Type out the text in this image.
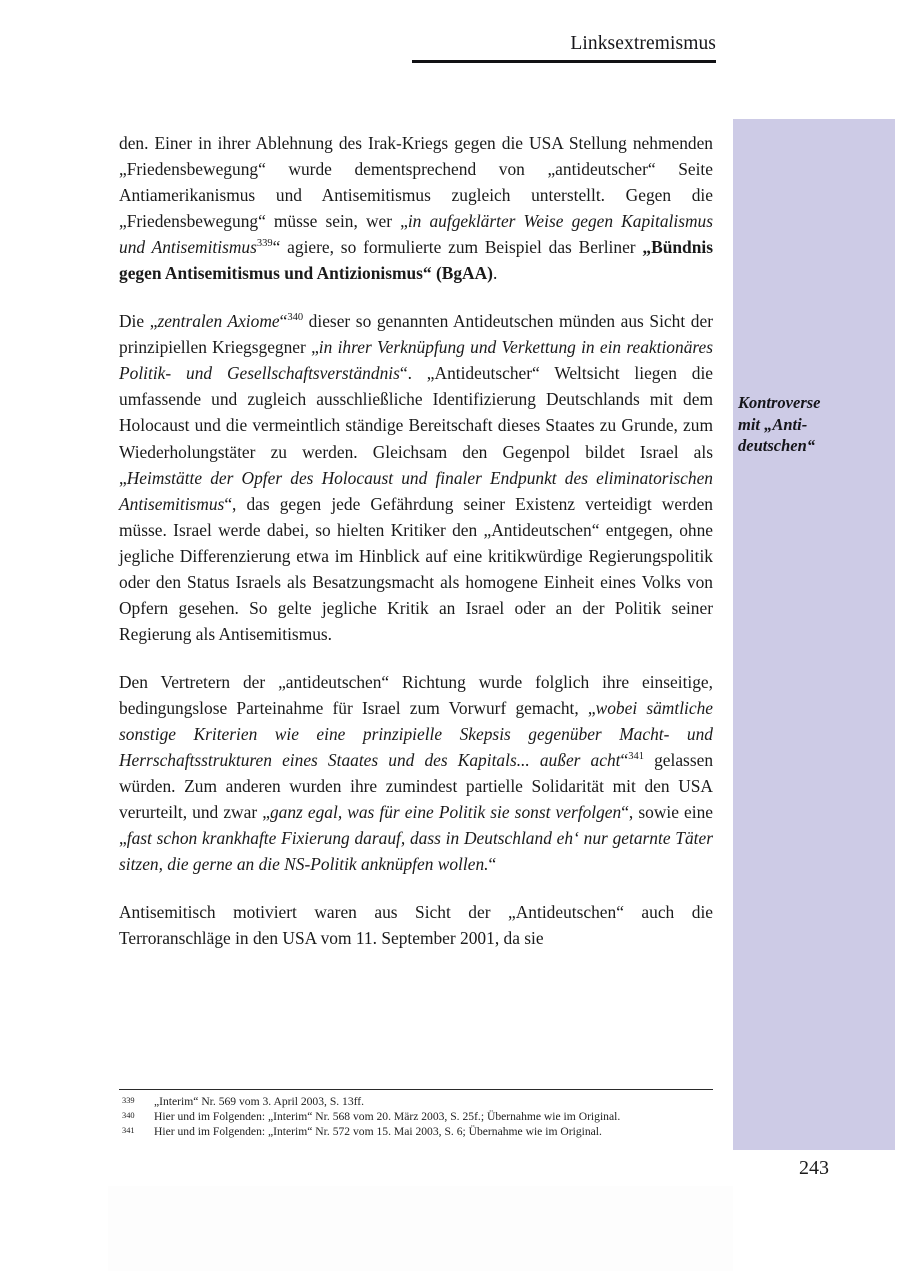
Linksextremismus
Kontroverse
mit „Anti-
deutschen“
243

den. Einer in ihrer Ablehnung des Irak-Kriegs gegen die USA Stellung nehmenden „Friedensbewegung“ wurde dementsprechend von „antideutscher“ Seite Antiamerikanismus und Antisemitismus zugleich unterstellt. Gegen die „Friedensbewegung“ müsse sein, wer „in aufgeklärter Weise gegen Kapitalismus und Antisemitismus$^{339}$“ agiere, so formulierte zum Beispiel das Berliner „Bündnis gegen Antisemitismus und Antizionismus“ (BgAA).

Die „zentralen Axiome“$^{340}$ dieser so genannten Antideutschen münden aus Sicht der prinzipiellen Kriegsgegner „in ihrer Verknüpfung und Verkettung in ein reaktionäres Politik- und Gesellschaftsverständnis“. „Antideutscher“ Weltsicht liegen die umfassende und zugleich ausschließliche Identifizierung Deutschlands mit dem Holocaust und die vermeintlich ständige Bereitschaft dieses Staates zu Grunde, zum Wiederholungstäter zu werden. Gleichsam den Gegenpol bildet Israel als „Heimstätte der Opfer des Holocaust und finaler Endpunkt des eliminatorischen Antisemitismus“, das gegen jede Gefährdung seiner Existenz verteidigt werden müsse. Israel werde dabei, so hielten Kritiker den „Antideutschen“ entgegen, ohne jegliche Differenzierung etwa im Hinblick auf eine kritikwürdige Regierungspolitik oder den Status Israels als Besatzungsmacht als homogene Einheit eines Volks von Opfern gesehen. So gelte jegliche Kritik an Israel oder an der Politik seiner Regierung als Antisemitismus.

Den Vertretern der „antideutschen“ Richtung wurde folglich ihre einseitige, bedingungslose Parteinahme für Israel zum Vorwurf gemacht, „wobei sämtliche sonstige Kriterien wie eine prinzipielle Skepsis gegenüber Macht- und Herrschaftsstrukturen eines Staates und des Kapitals... außer acht“$^{341}$ gelassen würden. Zum anderen wurden ihre zumindest partielle Solidarität mit den USA verurteilt, und zwar „ganz egal, was für eine Politik sie sonst verfolgen“, sowie eine „fast schon krankhafte Fixierung darauf, dass in Deutschland eh‘ nur getarnte Täter sitzen, die gerne an die NS-Politik anknüpfen wollen.“

Antisemitisch motiviert waren aus Sicht der „Antideutschen“ auch die Terroranschläge in den USA vom 11. September 2001, da sie

339 „Interim“ Nr. 569 vom 3. April 2003, S. 13ff.
340 Hier und im Folgenden: „Interim“ Nr. 568 vom 20. März 2003, S. 25f.; Übernahme wie im Original.
341 Hier und im Folgenden: „Interim“ Nr. 572 vom 15. Mai 2003, S. 6; Übernahme wie im Original.
